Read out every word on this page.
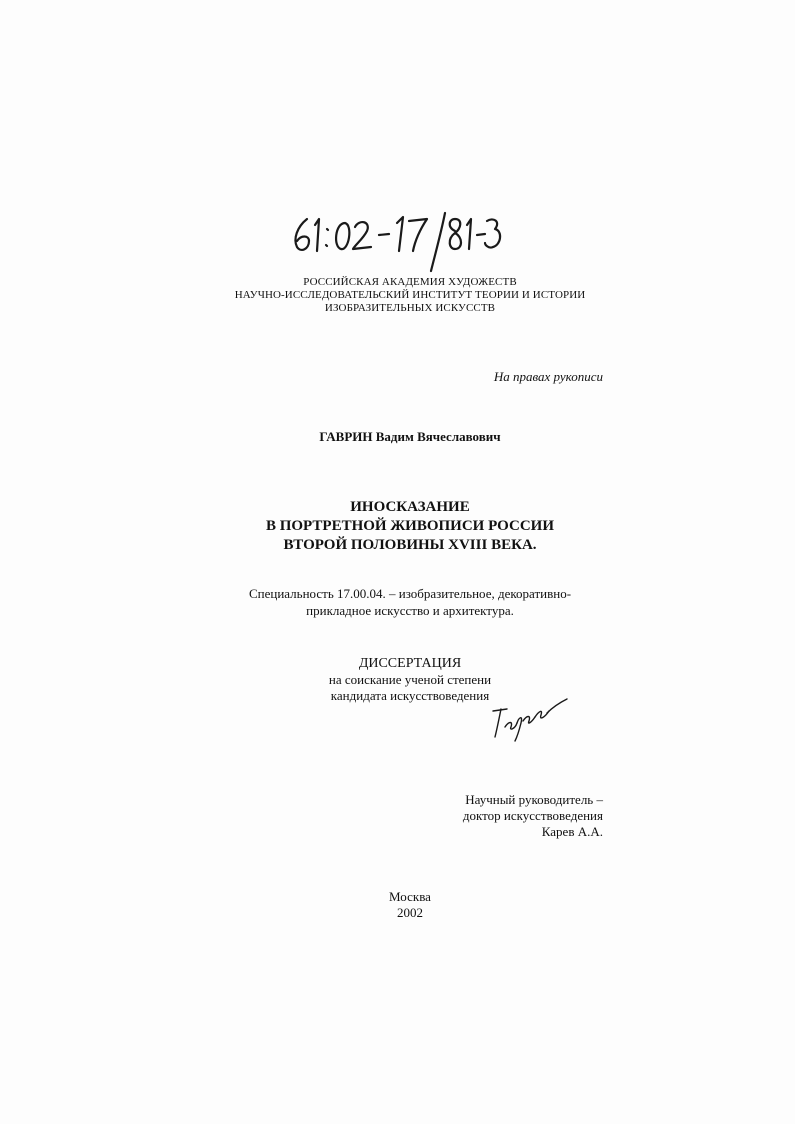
РОССИЙСКАЯ АКАДЕМИЯ ХУДОЖЕСТВ
НАУЧНО-ИССЛЕДОВАТЕЛЬСКИЙ ИНСТИТУТ ТЕОРИИ И ИСТОРИИ
ИЗОБРАЗИТЕЛЬНЫХ ИСКУССТВ
На правах рукописи
ГАВРИН Вадим Вячеславович
ИНОСКАЗАНИЕ
В ПОРТРЕТНОЙ ЖИВОПИСИ РОССИИ
ВТОРОЙ ПОЛОВИНЫ XVIII ВЕКА.
Специальность 17.00.04. – изобразительное, декоративно-
прикладное искусство и архитектура.
ДИССЕРТАЦИЯ
на соискание ученой степени
кандидата искусствоведения
Научный руководитель –
доктор искусствоведения
Карев А.А.
Москва
2002
